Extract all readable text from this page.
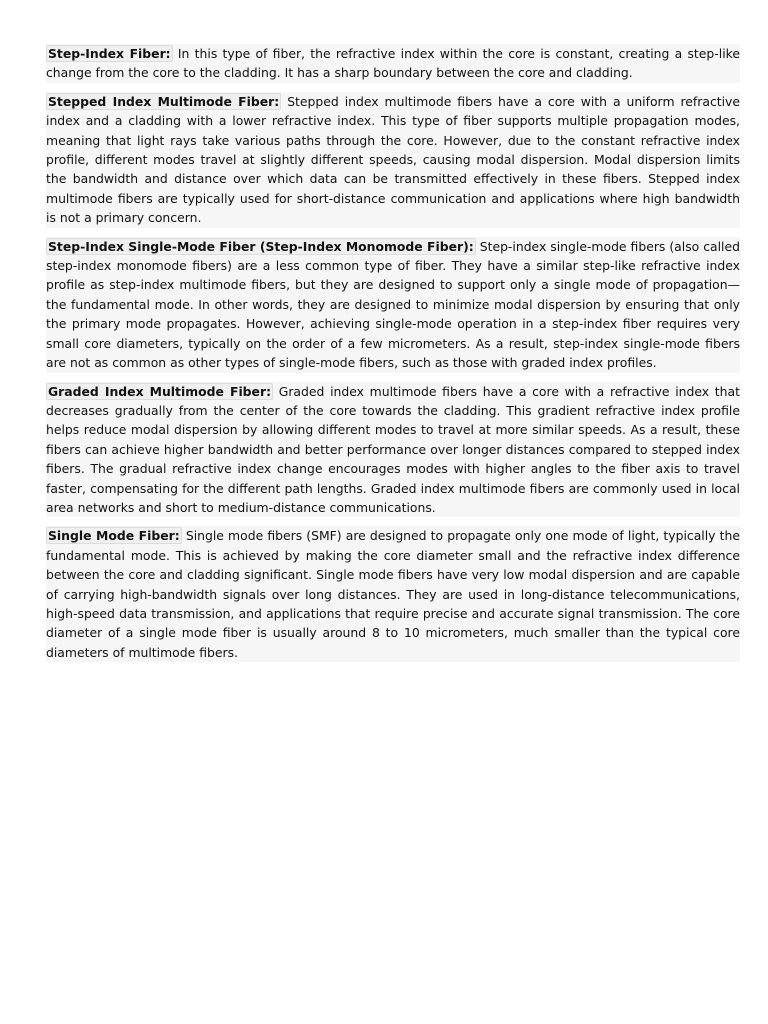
Step-Index Fiber: In this type of fiber, the refractive index within the core is constant, creating a step-like change from the core to the cladding. It has a sharp boundary between the core and cladding.

Stepped Index Multimode Fiber: Stepped index multimode fibers have a core with a uniform refractive index and a cladding with a lower refractive index. This type of fiber supports multiple propagation modes, meaning that light rays take various paths through the core. However, due to the constant refractive index profile, different modes travel at slightly different speeds, causing modal dispersion. Modal dispersion limits the bandwidth and distance over which data can be transmitted effectively in these fibers. Stepped index multimode fibers are typically used for short-distance communication and applications where high bandwidth is not a primary concern.

Step-Index Single-Mode Fiber (Step-Index Monomode Fiber): Step-index single-mode fibers (also called step-index monomode fibers) are a less common type of fiber. They have a similar step-like refractive index profile as step-index multimode fibers, but they are designed to support only a single mode of propagation—the fundamental mode. In other words, they are designed to minimize modal dispersion by ensuring that only the primary mode propagates. However, achieving single-mode operation in a step-index fiber requires very small core diameters, typically on the order of a few micrometers. As a result, step-index single-mode fibers are not as common as other types of single-mode fibers, such as those with graded index profiles.

Graded Index Multimode Fiber: Graded index multimode fibers have a core with a refractive index that decreases gradually from the center of the core towards the cladding. This gradient refractive index profile helps reduce modal dispersion by allowing different modes to travel at more similar speeds. As a result, these fibers can achieve higher bandwidth and better performance over longer distances compared to stepped index fibers. The gradual refractive index change encourages modes with higher angles to the fiber axis to travel faster, compensating for the different path lengths. Graded index multimode fibers are commonly used in local area networks and short to medium-distance communications.

Single Mode Fiber: Single mode fibers (SMF) are designed to propagate only one mode of light, typically the fundamental mode. This is achieved by making the core diameter small and the refractive index difference between the core and cladding significant. Single mode fibers have very low modal dispersion and are capable of carrying high-bandwidth signals over long distances. They are used in long-distance telecommunications, high-speed data transmission, and applications that require precise and accurate signal transmission. The core diameter of a single mode fiber is usually around 8 to 10 micrometers, much smaller than the typical core diameters of multimode fibers.
